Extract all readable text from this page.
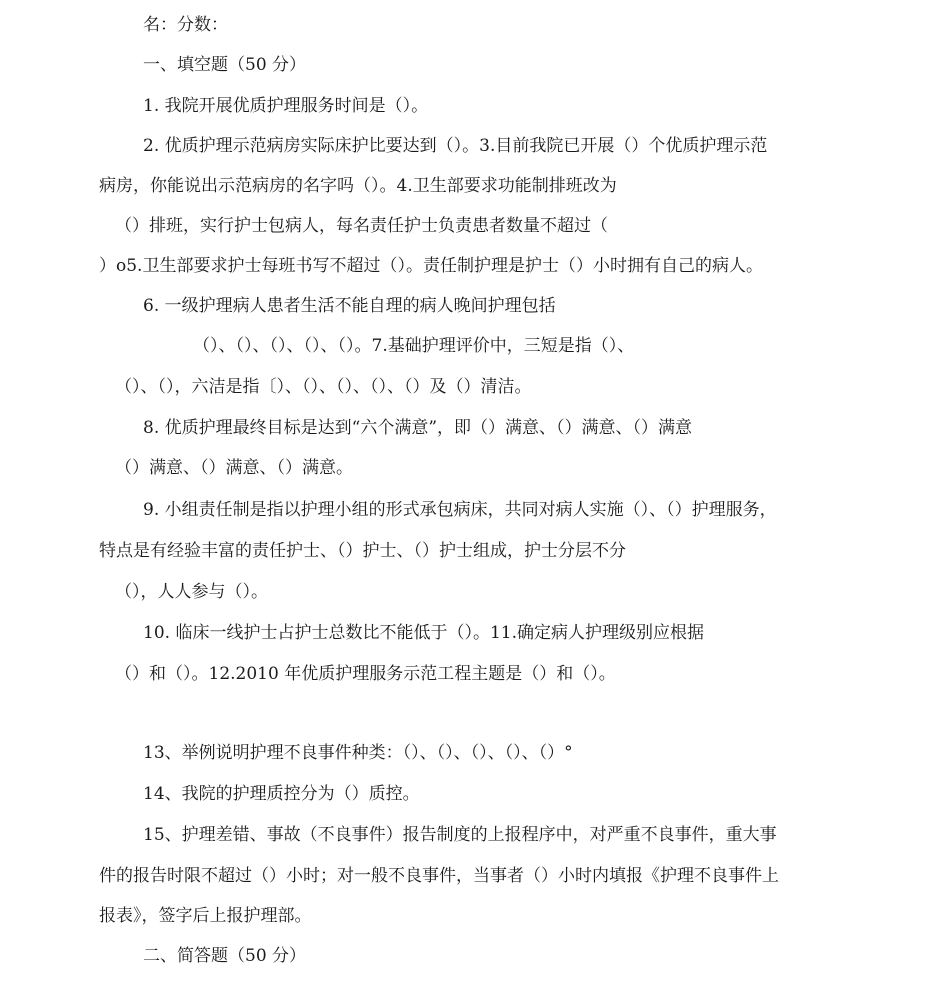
名：分数：
一、填空题（50 分）
1. 我院开展优质护理服务时间是（）。
2. 优质护理示范病房实际床护比要达到（）。3.目前我院已开展（）个优质护理示范
病房，你能说出示范病房的名字吗（）。4.卫生部要求功能制排班改为
（）排班，实行护士包病人，每名责任护士负责患者数量不超过（
）o5.卫生部要求护士每班书写不超过（）。责任制护理是护士（）小时拥有自己的病人。
6. 一级护理病人患者生活不能自理的病人晚间护理包括
（）、（）、（）、（）、（）。7.基础护理评价中，三短是指（）、
（）、（），六洁是指〔）、（）、（）、（）、（）及（）清洁。
8. 优质护理最终目标是达到“六个满意”，即（）满意、（）满意、（）满意
（）满意、（）满意、（）满意。
9. 小组责任制是指以护理小组的形式承包病床，共同对病人实施（）、（）护理服务，
特点是有经验丰富的责任护士、（）护士、（）护士组成，护士分层不分
（），人人参与（）。
10. 临床一线护士占护士总数比不能低于（）。11.确定病人护理级别应根据
（）和（）。12.2010 年优质护理服务示范工程主题是（）和（）。
13、举例说明护理不良事件种类：（）、（）、（）、（）、（）°
14、我院的护理质控分为（）质控。
15、护理差错、事故（不良事件）报告制度的上报程序中，对严重不良事件，重大事
件的报告时限不超过（）小时；对一般不良事件，当事者（）小时内填报《护理不良事件上
报表》，签字后上报护理部。
二、简答题（50 分）
